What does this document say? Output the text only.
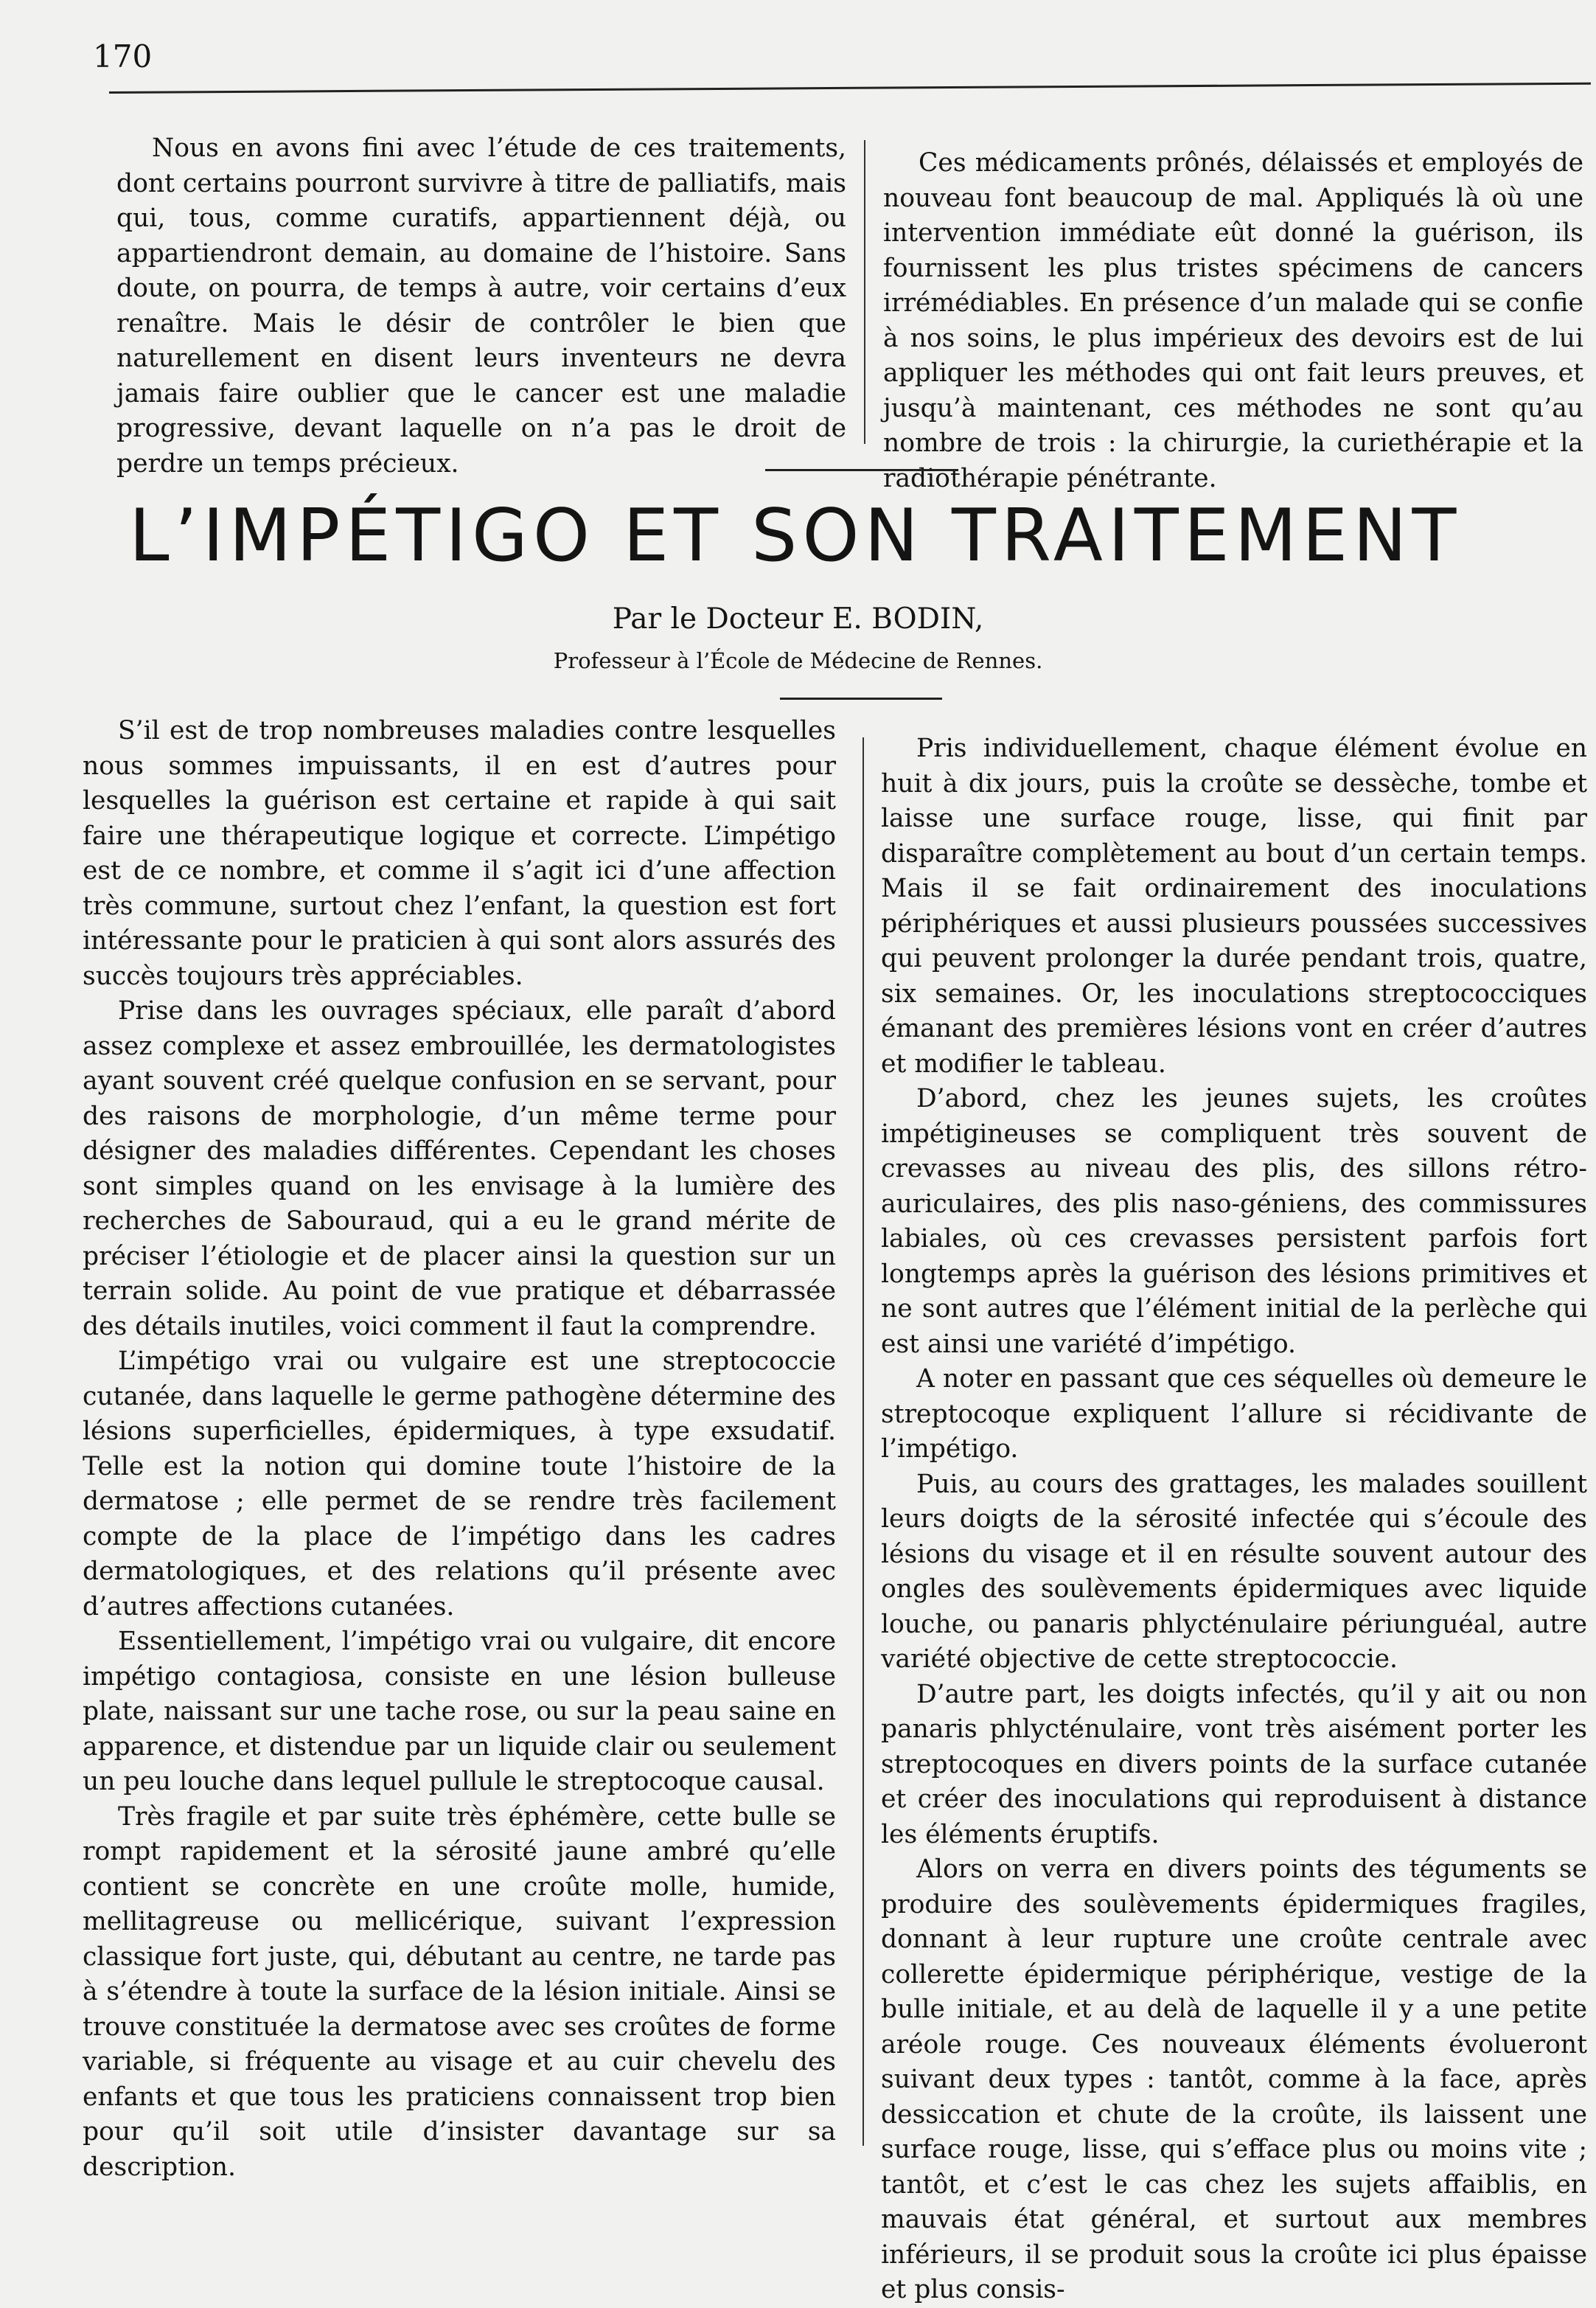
170

Nous en avons fini avec l’étude de ces traitements, dont certains pourront survivre à titre de palliatifs, mais qui, tous, comme curatifs, appartiennent déjà, ou appartiendront demain, au domaine de l’histoire. Sans doute, on pourra, de temps à autre, voir certains d’eux renaître. Mais le désir de contrôler le bien que naturellement en disent leurs inventeurs ne devra jamais faire oublier que le cancer est une maladie progressive, devant laquelle on n’a pas le droit de perdre un temps précieux.

Ces médicaments prônés, délaissés et employés de nouveau font beaucoup de mal. Appliqués là où une intervention immédiate eût donné la guérison, ils fournissent les plus tristes spécimens de cancers irrémédiables. En présence d’un malade qui se confie à nos soins, le plus impérieux des devoirs est de lui appliquer les méthodes qui ont fait leurs preuves, et jusqu’à maintenant, ces méthodes ne sont qu’au nombre de trois : la chirurgie, la curiethérapie et la radiothérapie pénétrante.

L’IMPÉTIGO ET SON TRAITEMENT
Par le Docteur E. BODIN,
Professeur à l’École de Médecine de Rennes.

S’il est de trop nombreuses maladies contre lesquelles nous sommes impuissants, il en est d’autres pour lesquelles la guérison est certaine et rapide à qui sait faire une thérapeutique logique et correcte. L’impétigo est de ce nombre, et comme il s’agit ici d’une affection très commune, surtout chez l’enfant, la question est fort intéressante pour le praticien à qui sont alors assurés des succès toujours très appréciables.

Prise dans les ouvrages spéciaux, elle paraît d’abord assez complexe et assez embrouillée, les dermatologistes ayant souvent créé quelque confusion en se servant, pour des raisons de morphologie, d’un même terme pour désigner des maladies différentes. Cependant les choses sont simples quand on les envisage à la lumière des recherches de Sabouraud, qui a eu le grand mérite de préciser l’étiologie et de placer ainsi la question sur un terrain solide. Au point de vue pratique et débarrassée des détails inutiles, voici comment il faut la comprendre.

L’impétigo vrai ou vulgaire est une streptococcie cutanée, dans laquelle le germe pathogène détermine des lésions superficielles, épidermiques, à type exsudatif. Telle est la notion qui domine toute l’histoire de la dermatose ; elle permet de se rendre très facilement compte de la place de l’impétigo dans les cadres dermatologiques, et des relations qu’il présente avec d’autres affections cutanées.

Essentiellement, l’impétigo vrai ou vulgaire, dit encore impétigo contagiosa, consiste en une lésion bulleuse plate, naissant sur une tache rose, ou sur la peau saine en apparence, et distendue par un liquide clair ou seulement un peu louche dans lequel pullule le streptocoque causal.

Très fragile et par suite très éphémère, cette bulle se rompt rapidement et la sérosité jaune ambré qu’elle contient se concrète en une croûte molle, humide, mellitagreuse ou mellicérique, suivant l’expression classique fort juste, qui, débutant au centre, ne tarde pas à s’étendre à toute la surface de la lésion initiale. Ainsi se trouve constituée la dermatose avec ses croûtes de forme variable, si fréquente au visage et au cuir chevelu des enfants et que tous les praticiens connaissent trop bien pour qu’il soit utile d’insister davantage sur sa description.

Pris individuellement, chaque élément évolue en huit à dix jours, puis la croûte se dessèche, tombe et laisse une surface rouge, lisse, qui finit par disparaître complètement au bout d’un certain temps. Mais il se fait ordinairement des inoculations périphériques et aussi plusieurs poussées successives qui peuvent prolonger la durée pendant trois, quatre, six semaines. Or, les inoculations streptococciques émanant des premières lésions vont en créer d’autres et modifier le tableau.

D’abord, chez les jeunes sujets, les croûtes impétigineuses se compliquent très souvent de crevasses au niveau des plis, des sillons rétro-auriculaires, des plis naso-géniens, des commissures labiales, où ces crevasses persistent parfois fort longtemps après la guérison des lésions primitives et ne sont autres que l’élément initial de la perlèche qui est ainsi une variété d’impétigo.

A noter en passant que ces séquelles où demeure le streptocoque expliquent l’allure si récidivante de l’impétigo.

Puis, au cours des grattages, les malades souillent leurs doigts de la sérosité infectée qui s’écoule des lésions du visage et il en résulte souvent autour des ongles des soulèvements épidermiques avec liquide louche, ou panaris phlycténulaire périunguéal, autre variété objective de cette streptococcie.

D’autre part, les doigts infectés, qu’il y ait ou non panaris phlycténulaire, vont très aisément porter les streptocoques en divers points de la surface cutanée et créer des inoculations qui reproduisent à distance les éléments éruptifs.

Alors on verra en divers points des téguments se produire des soulèvements épidermiques fragiles, donnant à leur rupture une croûte centrale avec collerette épidermique périphérique, vestige de la bulle initiale, et au delà de laquelle il y a une petite aréole rouge. Ces nouveaux éléments évolueront suivant deux types : tantôt, comme à la face, après dessiccation et chute de la croûte, ils laissent une surface rouge, lisse, qui s’efface plus ou moins vite ; tantôt, et c’est le cas chez les sujets affaiblis, en mauvais état général, et surtout aux membres inférieurs, il se produit sous la croûte ici plus épaisse et plus consis-
